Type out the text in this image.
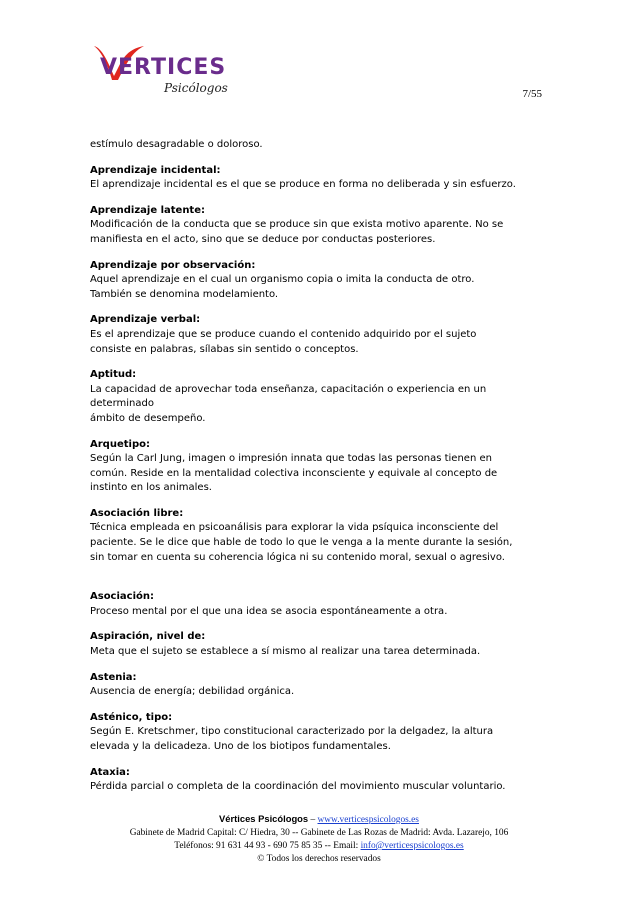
VERTICES
Psicólogos	7/55
estímulo desagradable o doloroso.
Aprendizaje incidental:
El aprendizaje incidental es el que se produce en forma no deliberada y sin esfuerzo.
Aprendizaje latente:
Modificación de la conducta que se produce sin que exista motivo aparente. No se
manifiesta en el acto, sino que se deduce por conductas posteriores.
Aprendizaje por observación:
Aquel aprendizaje en el cual un organismo copia o imita la conducta de otro.
También se denomina modelamiento.
Aprendizaje verbal:
Es el aprendizaje que se produce cuando el contenido adquirido por el sujeto
consiste en palabras, sílabas sin sentido o conceptos.
Aptitud:
La capacidad de aprovechar toda enseñanza, capacitación o experiencia en un
determinado
ámbito de desempeño.
Arquetipo:
Según la Carl Jung, imagen o impresión innata que todas las personas tienen en
común. Reside en la mentalidad colectiva inconsciente y equivale al concepto de
instinto en los animales.
Asociación libre:
Técnica empleada en psicoanálisis para explorar la vida psíquica inconsciente del
paciente. Se le dice que hable de todo lo que le venga a la mente durante la sesión,
sin tomar en cuenta su coherencia lógica ni su contenido moral, sexual o agresivo.
Asociación:
Proceso mental por el que una idea se asocia espontáneamente a otra.
Aspiración, nivel de:
Meta que el sujeto se establece a sí mismo al realizar una tarea determinada.
Astenia:
Ausencia de energía; debilidad orgánica.
Asténico, tipo:
Según E. Kretschmer, tipo constitucional caracterizado por la delgadez, la altura
elevada y la delicadeza. Uno de los biotipos fundamentales.
Ataxia:
Pérdida parcial o completa de la coordinación del movimiento muscular voluntario.
Vértices Psicólogos – www.verticespsicologos.es
Gabinete de Madrid Capital: C/ Hiedra, 30 -- Gabinete de Las Rozas de Madrid: Avda. Lazarejo, 106
Teléfonos: 91 631 44 93 - 690 75 85 35 -- Email: info@verticespsicologos.es
© Todos los derechos reservados
